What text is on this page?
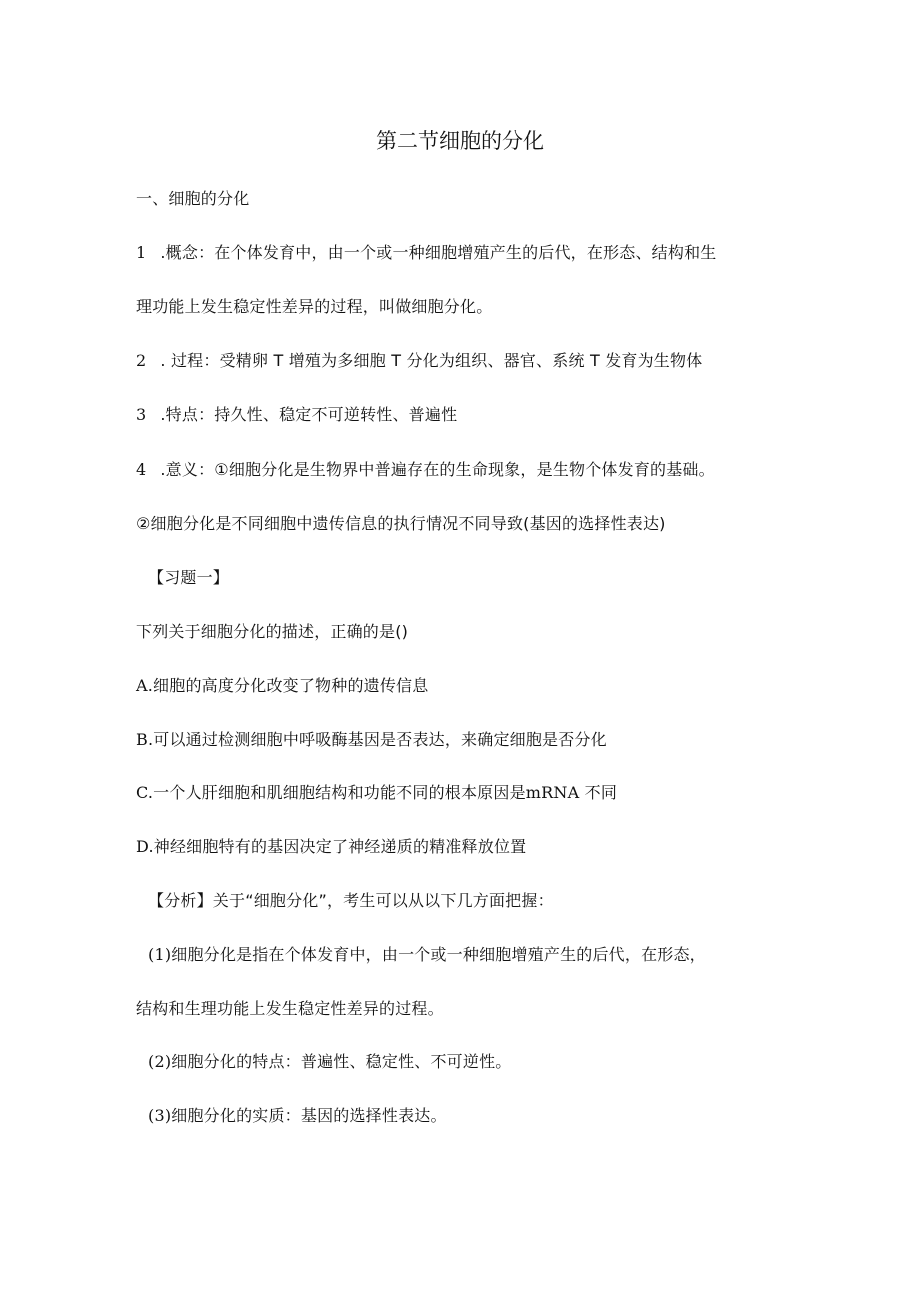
第二节细胞的分化
一、细胞的分化
1 .概念：在个体发育中，由一个或一种细胞增殖产生的后代，在形态、结构和生
理功能上发生稳定性差异的过程，叫做细胞分化。
2 . 过程：受精卵 T 增殖为多细胞 T 分化为组织、器官、系统 T 发育为生物体
3 .特点：持久性、稳定不可逆转性、普遍性
4 .意义：①细胞分化是生物界中普遍存在的生命现象，是生物个体发育的基础。
②细胞分化是不同细胞中遗传信息的执行情况不同导致(基因的选择性表达)
【习题一】
下列关于细胞分化的描述，正确的是()
A.细胞的高度分化改变了物种的遗传信息
B.可以通过检测细胞中呼吸酶基因是否表达，来确定细胞是否分化
C.一个人肝细胞和肌细胞结构和功能不同的根本原因是mRNA 不同
D.神经细胞特有的基因决定了神经递质的精准释放位置
【分析】关于“细胞分化”，考生可以从以下几方面把握：
(1)细胞分化是指在个体发育中，由一个或一种细胞增殖产生的后代，在形态，
结构和生理功能上发生稳定性差异的过程。
(2)细胞分化的特点：普遍性、稳定性、不可逆性。
(3)细胞分化的实质：基因的选择性表达。
